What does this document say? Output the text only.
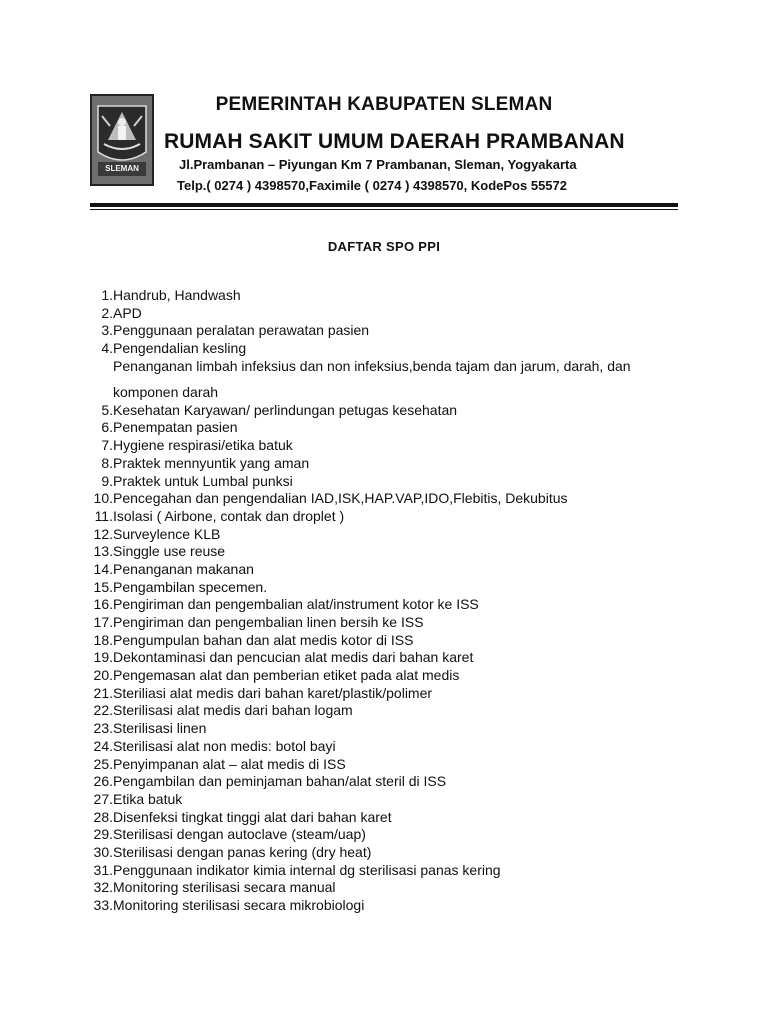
SLEMAN
PEMERINTAH KABUPATEN SLEMAN
RUMAH SAKIT UMUM DAERAH PRAMBANAN
Jl.Prambanan – Piyungan Km 7 Prambanan, Sleman, Yogyakarta
Telp.( 0274 ) 4398570,Faximile ( 0274 ) 4398570, KodePos 55572
DAFTAR SPO PPI
1. Handrub, Handwash
2. APD
3. Penggunaan peralatan perawatan pasien
4. Pengendalian kesling
Penanganan limbah infeksius dan non infeksius,benda tajam dan jarum, darah, dan
komponen darah
5. Kesehatan Karyawan/ perlindungan petugas kesehatan
6. Penempatan pasien
7. Hygiene respirasi/etika batuk
8. Praktek mennyuntik yang aman
9. Praktek untuk Lumbal punksi
10. Pencegahan dan pengendalian IAD,ISK,HAP.VAP,IDO,Flebitis, Dekubitus
11. Isolasi ( Airbone, contak dan droplet )
12. Surveylence KLB
13. Singgle use reuse
14. Penanganan makanan
15. Pengambilan specemen.
16. Pengiriman dan pengembalian alat/instrument kotor ke ISS
17. Pengiriman dan pengembalian linen bersih ke ISS
18. Pengumpulan bahan dan alat medis kotor di ISS
19. Dekontaminasi dan pencucian alat medis dari bahan karet
20. Pengemasan alat dan pemberian etiket pada alat medis
21. Steriliasi alat medis dari bahan karet/plastik/polimer
22. Sterilisasi alat medis dari bahan logam
23. Sterilisasi linen
24. Sterilisasi alat non medis: botol bayi
25. Penyimpanan alat – alat medis di ISS
26. Pengambilan dan peminjaman bahan/alat steril di ISS
27. Etika batuk
28. Disenfeksi tingkat tinggi alat dari bahan karet
29. Sterilisasi dengan autoclave (steam/uap)
30. Sterilisasi dengan panas kering (dry heat)
31. Penggunaan indikator kimia internal dg sterilisasi panas kering
32. Monitoring sterilisasi secara manual
33. Monitoring sterilisasi secara mikrobiologi
